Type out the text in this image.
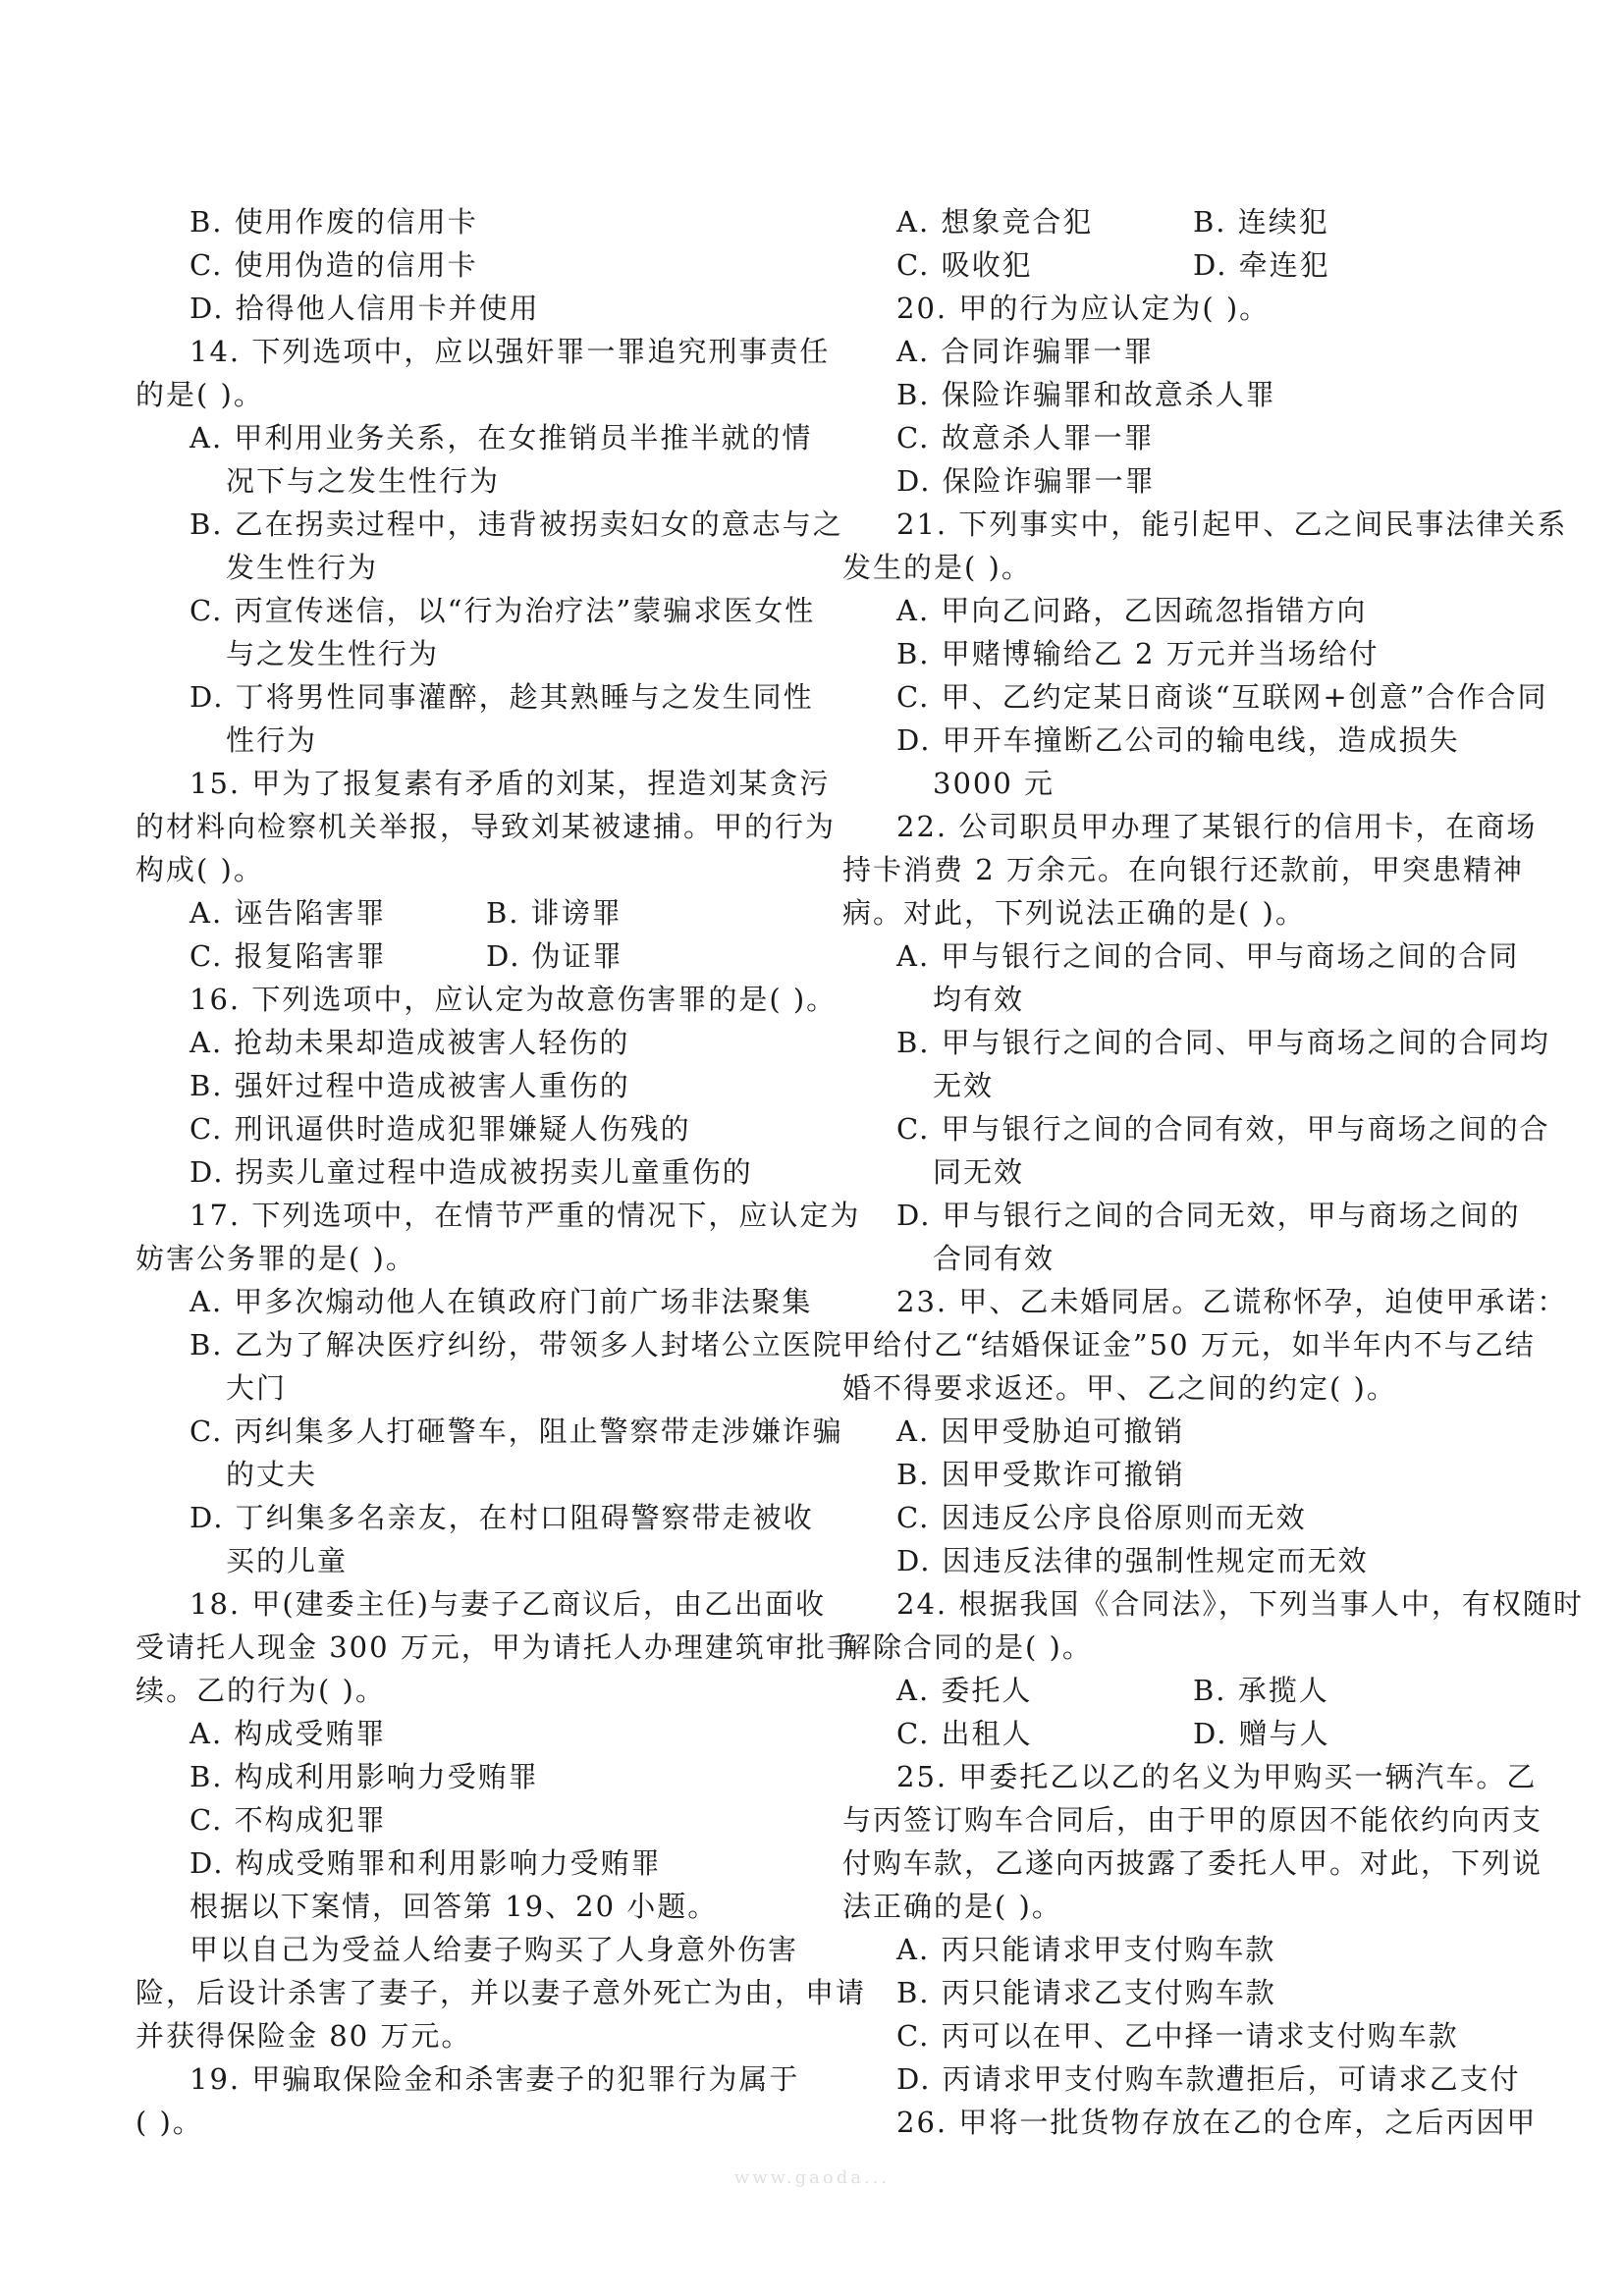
B. 使用作废的信用卡
C. 使用伪造的信用卡
D. 拾得他人信用卡并使用
14. 下列选项中，应以强奸罪一罪追究刑事责任
的是( )。
A. 甲利用业务关系，在女推销员半推半就的情
况下与之发生性行为
B. 乙在拐卖过程中，违背被拐卖妇女的意志与之
发生性行为
C. 丙宣传迷信，以“行为治疗法”蒙骗求医女性
与之发生性行为
D. 丁将男性同事灌醉，趁其熟睡与之发生同性
性行为
15. 甲为了报复素有矛盾的刘某，捏造刘某贪污
的材料向检察机关举报，导致刘某被逮捕。甲的行为
构成( )。
A. 诬告陷害罪	B. 诽谤罪
C. 报复陷害罪	D. 伪证罪
16. 下列选项中，应认定为故意伤害罪的是( )。
A. 抢劫未果却造成被害人轻伤的
B. 强奸过程中造成被害人重伤的
C. 刑讯逼供时造成犯罪嫌疑人伤残的
D. 拐卖儿童过程中造成被拐卖儿童重伤的
17. 下列选项中，在情节严重的情况下，应认定为
妨害公务罪的是( )。
A. 甲多次煽动他人在镇政府门前广场非法聚集
B. 乙为了解决医疗纠纷，带领多人封堵公立医院
大门
C. 丙纠集多人打砸警车，阻止警察带走涉嫌诈骗
的丈夫
D. 丁纠集多名亲友，在村口阻碍警察带走被收
买的儿童
18. 甲(建委主任)与妻子乙商议后，由乙出面收
受请托人现金 300 万元，甲为请托人办理建筑审批手
续。乙的行为( )。
A. 构成受贿罪
B. 构成利用影响力受贿罪
C. 不构成犯罪
D. 构成受贿罪和利用影响力受贿罪
根据以下案情，回答第 19、20 小题。
甲以自己为受益人给妻子购买了人身意外伤害
险，后设计杀害了妻子，并以妻子意外死亡为由，申请
并获得保险金 80 万元。
19. 甲骗取保险金和杀害妻子的犯罪行为属于
( )。
A. 想象竞合犯	B. 连续犯
C. 吸收犯	D. 牵连犯
20. 甲的行为应认定为( )。
A. 合同诈骗罪一罪
B. 保险诈骗罪和故意杀人罪
C. 故意杀人罪一罪
D. 保险诈骗罪一罪
21. 下列事实中，能引起甲、乙之间民事法律关系
发生的是( )。
A. 甲向乙问路，乙因疏忽指错方向
B. 甲赌博输给乙 2 万元并当场给付
C. 甲、乙约定某日商谈“互联网+创意”合作合同
D. 甲开车撞断乙公司的输电线，造成损失
3000 元
22. 公司职员甲办理了某银行的信用卡，在商场
持卡消费 2 万余元。在向银行还款前，甲突患精神
病。对此，下列说法正确的是( )。
A. 甲与银行之间的合同、甲与商场之间的合同
均有效
B. 甲与银行之间的合同、甲与商场之间的合同均
无效
C. 甲与银行之间的合同有效，甲与商场之间的合
同无效
D. 甲与银行之间的合同无效，甲与商场之间的
合同有效
23. 甲、乙未婚同居。乙谎称怀孕，迫使甲承诺：
甲给付乙“结婚保证金”50 万元，如半年内不与乙结
婚不得要求返还。甲、乙之间的约定( )。
A. 因甲受胁迫可撤销
B. 因甲受欺诈可撤销
C. 因违反公序良俗原则而无效
D. 因违反法律的强制性规定而无效
24. 根据我国《合同法》，下列当事人中，有权随时
解除合同的是( )。
A. 委托人	B. 承揽人
C. 出租人	D. 赠与人
25. 甲委托乙以乙的名义为甲购买一辆汽车。乙
与丙签订购车合同后，由于甲的原因不能依约向丙支
付购车款，乙遂向丙披露了委托人甲。对此，下列说
法正确的是( )。
A. 丙只能请求甲支付购车款
B. 丙只能请求乙支付购车款
C. 丙可以在甲、乙中择一请求支付购车款
D. 丙请求甲支付购车款遭拒后，可请求乙支付
26. 甲将一批货物存放在乙的仓库，之后丙因甲
www.gaoda...
